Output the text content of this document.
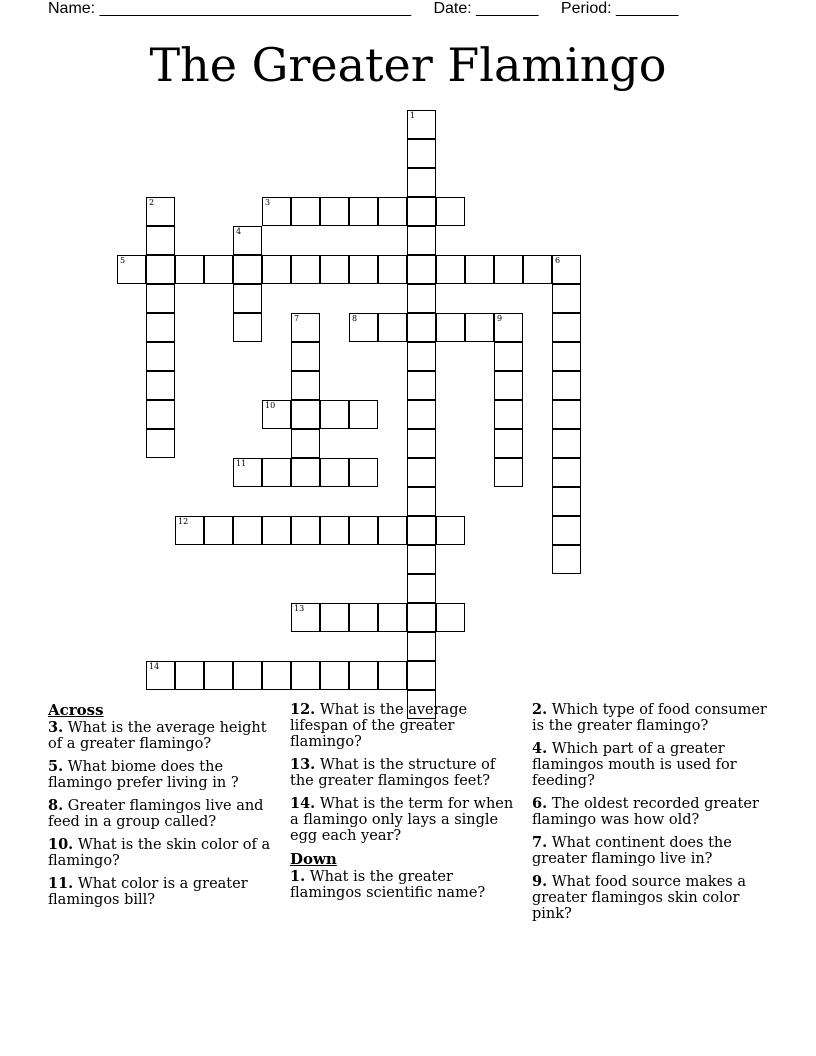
Name: ___________________________________ Date: _______ Period: _______
The Greater Flamingo
1
2	3
4
5	6
7	8	9
10
11
12
13
14
Across
3. What is the average height of a greater flamingo?
5. What biome does the flamingo prefer living in ?
8. Greater flamingos live and feed in a group called?
10. What is the skin color of a flamingo?
11. What color is a greater flamingos bill?
12. What is the average lifespan of the greater flamingo?
13. What is the structure of the greater flamingos feet?
14. What is the term for when a flamingo only lays a single egg each year?
Down
1. What is the greater flamingos scientific name?
2. Which type of food consumer is the greater flamingo?
4. Which part of a greater flamingos mouth is used for feeding?
6. The oldest recorded greater flamingo was how old?
7. What continent does the greater flamingo live in?
9. What food source makes a greater flamingos skin color pink?
